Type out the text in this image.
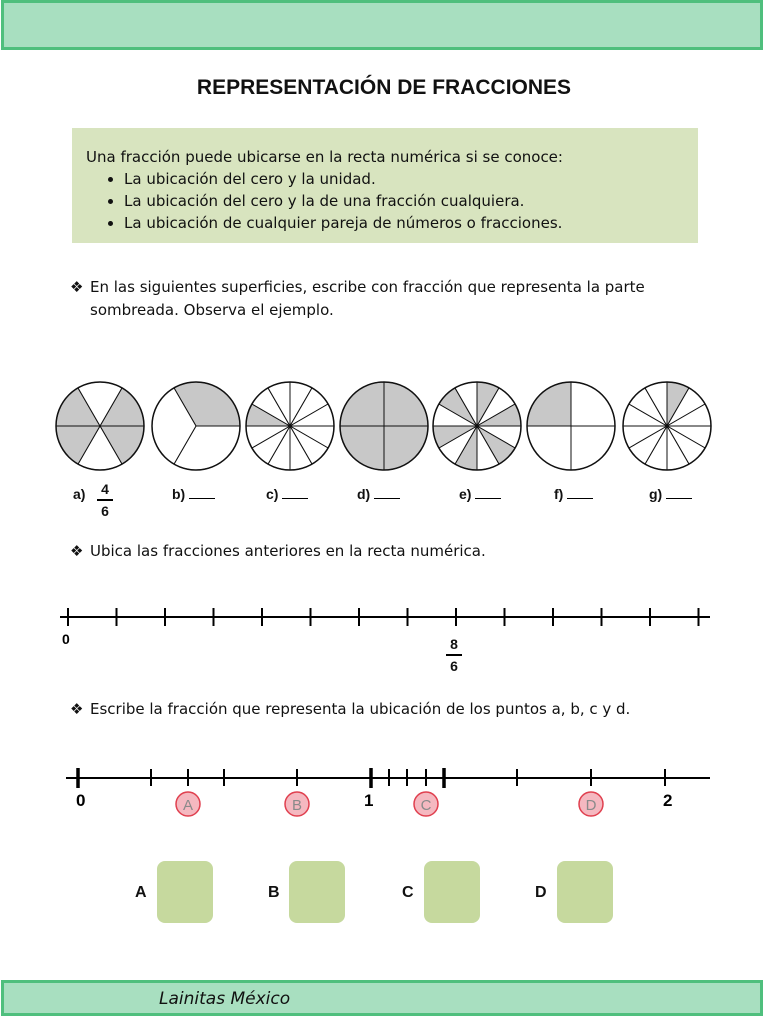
REPRESENTACIÓN DE FRACCIONES
Una fracción puede ubicarse en la recta numérica si se conoce:
• La ubicación del cero y la unidad.
• La ubicación del cero y la de una fracción cualquiera.
• La ubicación de cualquier pareja de números o fracciones.
❖ En las siguientes superficies, escribe con fracción que representa la parte
sombreada. Observa el ejemplo.
a) 4
6
b)	c)	d)	e)	f)	g)
❖ Ubica las fracciones anteriores en la recta numérica.
0	8
6
❖ Escribe la fracción que representa la ubicación de los puntos a, b, c y d.
0	1	2
A	B	C	D
A	B	C	D
Lainitas México
